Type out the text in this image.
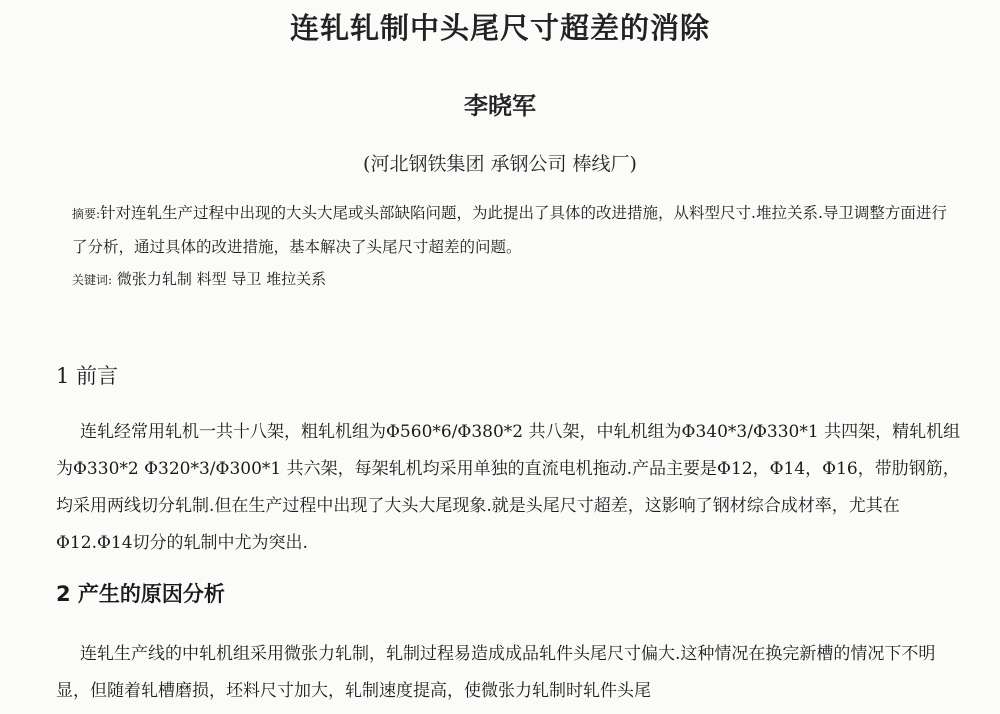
连轧轧制中头尾尺寸超差的消除
李晓军
(河北钢铁集团 承钢公司 棒线厂)

摘要:针对连轧生产过程中出现的大头大尾或头部缺陷问题，为此提出了具体的改进措施，从料型尺寸.堆拉关系.导卫调整方面进行了分析，通过具体的改进措施，基本解决了头尾尺寸超差的问题。

关键词: 微张力轧制 料型 导卫 堆拉关系

1 前言

连轧经常用轧机一共十八架，粗轧机组为Φ560*6/Φ380*2 共八架，中轧机组为Φ340*3/Φ330*1 共四架，精轧机组为Φ330*2 Φ320*3/Φ300*1 共六架，每架轧机均采用单独的直流电机拖动.产品主要是Φ12，Φ14，Φ16，带肋钢筋，均采用两线切分轧制.但在生产过程中出现了大头大尾现象.就是头尾尺寸超差，这影响了钢材综合成材率，尤其在Φ12.Φ14切分的轧制中尤为突出.

2 产生的原因分析

连轧生产线的中轧机组采用微张力轧制，轧制过程易造成成品轧件头尾尺寸偏大.这种情况在换完新槽的情况下不明显，但随着轧槽磨损，坯料尺寸加大，轧制速度提高，使微张力轧制时轧件头尾
